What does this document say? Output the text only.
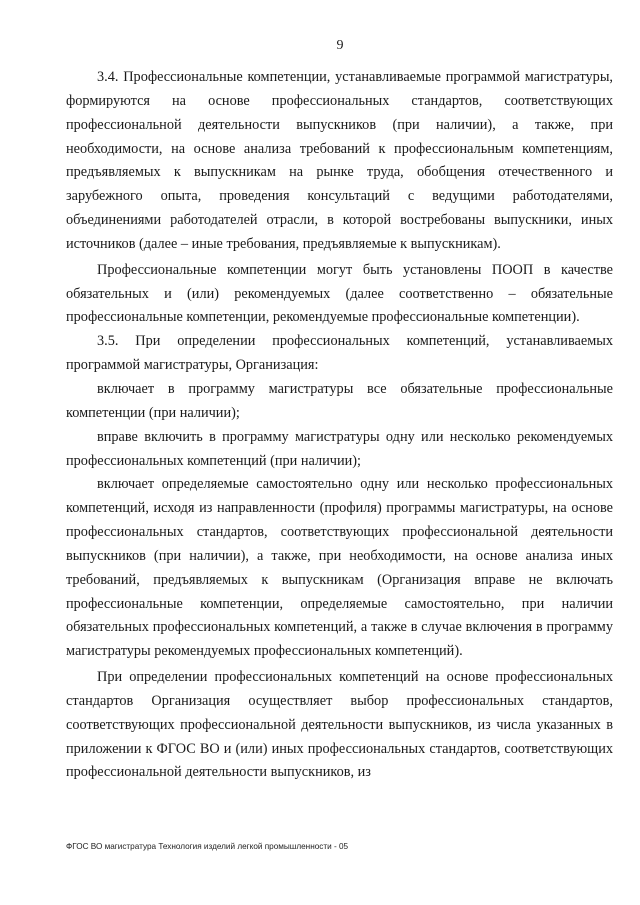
9

3.4. Профессиональные компетенции, устанавливаемые программой магистратуры, формируются на основе профессиональных стандартов, соответствующих профессиональной деятельности выпускников (при наличии), а также, при необходимости, на основе анализа требований к профессиональным компетенциям, предъявляемых к выпускникам на рынке труда, обобщения отечественного и зарубежного опыта, проведения консультаций с ведущими работодателями, объединениями работодателей отрасли, в которой востребованы выпускники, иных источников (далее – иные требования, предъявляемые к выпускникам).

Профессиональные компетенции могут быть установлены ПООП в качестве обязательных и (или) рекомендуемых (далее соответственно – обязательные профессиональные компетенции, рекомендуемые профессиональные компетенции).

3.5. При определении профессиональных компетенций, устанавливаемых программой магистратуры, Организация:

включает в программу магистратуры все обязательные профессиональные компетенции (при наличии);

вправе включить в программу магистратуры одну или несколько рекомендуемых профессиональных компетенций (при наличии);

включает определяемые самостоятельно одну или несколько профессиональных компетенций, исходя из направленности (профиля) программы магистратуры, на основе профессиональных стандартов, соответствующих профессиональной деятельности выпускников (при наличии), а также, при необходимости, на основе анализа иных требований, предъявляемых к выпускникам (Организация вправе не включать профессиональные компетенции, определяемые самостоятельно, при наличии обязательных профессиональных компетенций, а также в случае включения в программу магистратуры рекомендуемых профессиональных компетенций).

При определении профессиональных компетенций на основе профессиональных стандартов Организация осуществляет выбор профессиональных стандартов, соответствующих профессиональной деятельности выпускников, из числа указанных в приложении к ФГОС ВО и (или) иных профессиональных стандартов, соответствующих профессиональной деятельности выпускников, из

ФГОС ВО магистратура Технология изделий легкой промышленности - 05
